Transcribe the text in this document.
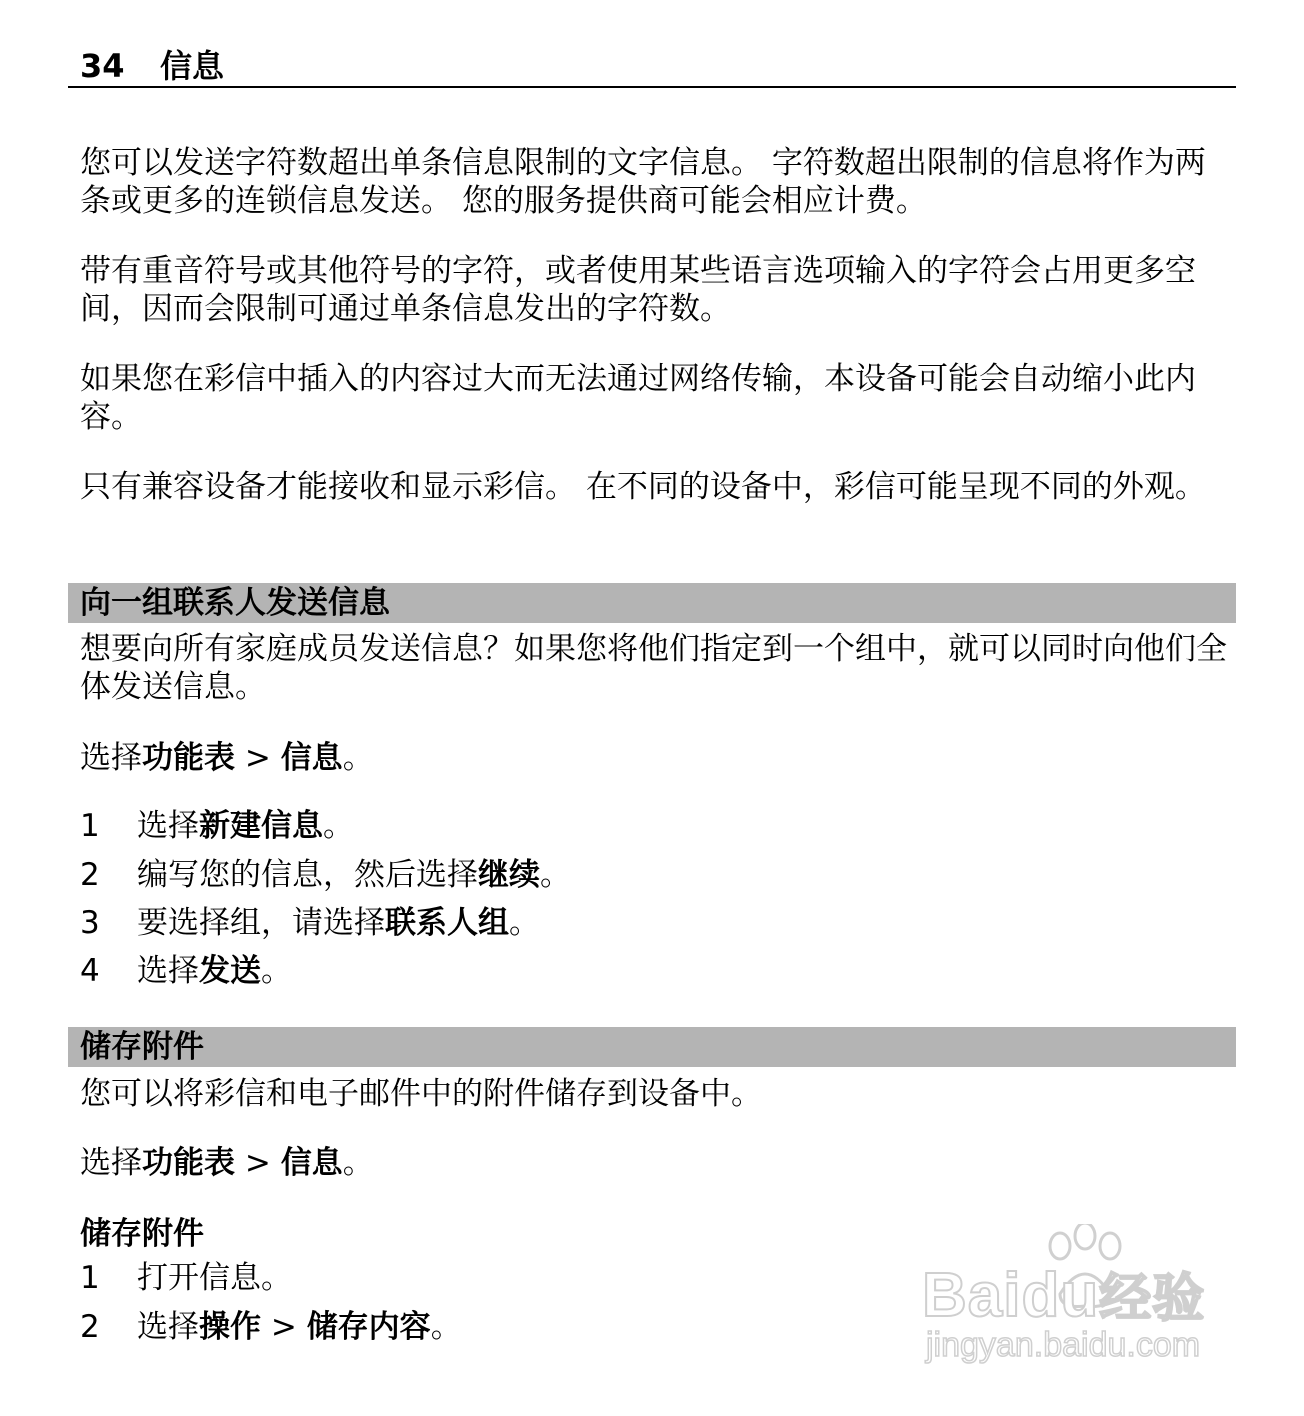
34 信息

您可以发送字符数超出单条信息限制的文字信息。 字符数超出限制的信息将作为两条或更多的连锁信息发送。 您的服务提供商可能会相应计费。

带有重音符号或其他符号的字符，或者使用某些语言选项输入的字符会占用更多空间，因而会限制可通过单条信息发出的字符数。

如果您在彩信中插入的内容过大而无法通过网络传输，本设备可能会自动缩小此内容。

只有兼容设备才能接收和显示彩信。 在不同的设备中，彩信可能呈现不同的外观。

向一组联系人发送信息

想要向所有家庭成员发送信息？如果您将他们指定到一个组中，就可以同时向他们全体发送信息。

选择功能表 > 信息。
1 选择新建信息。
2 编写您的信息，然后选择继续。
3 要选择组，请选择联系人组。
4 选择发送。
储存附件

您可以将彩信和电子邮件中的附件储存到设备中。

选择功能表 > 信息。
储存附件
1 打开信息。
2 选择操作 > 储存内容。	Baidu经验
jingyan.baidu.com
